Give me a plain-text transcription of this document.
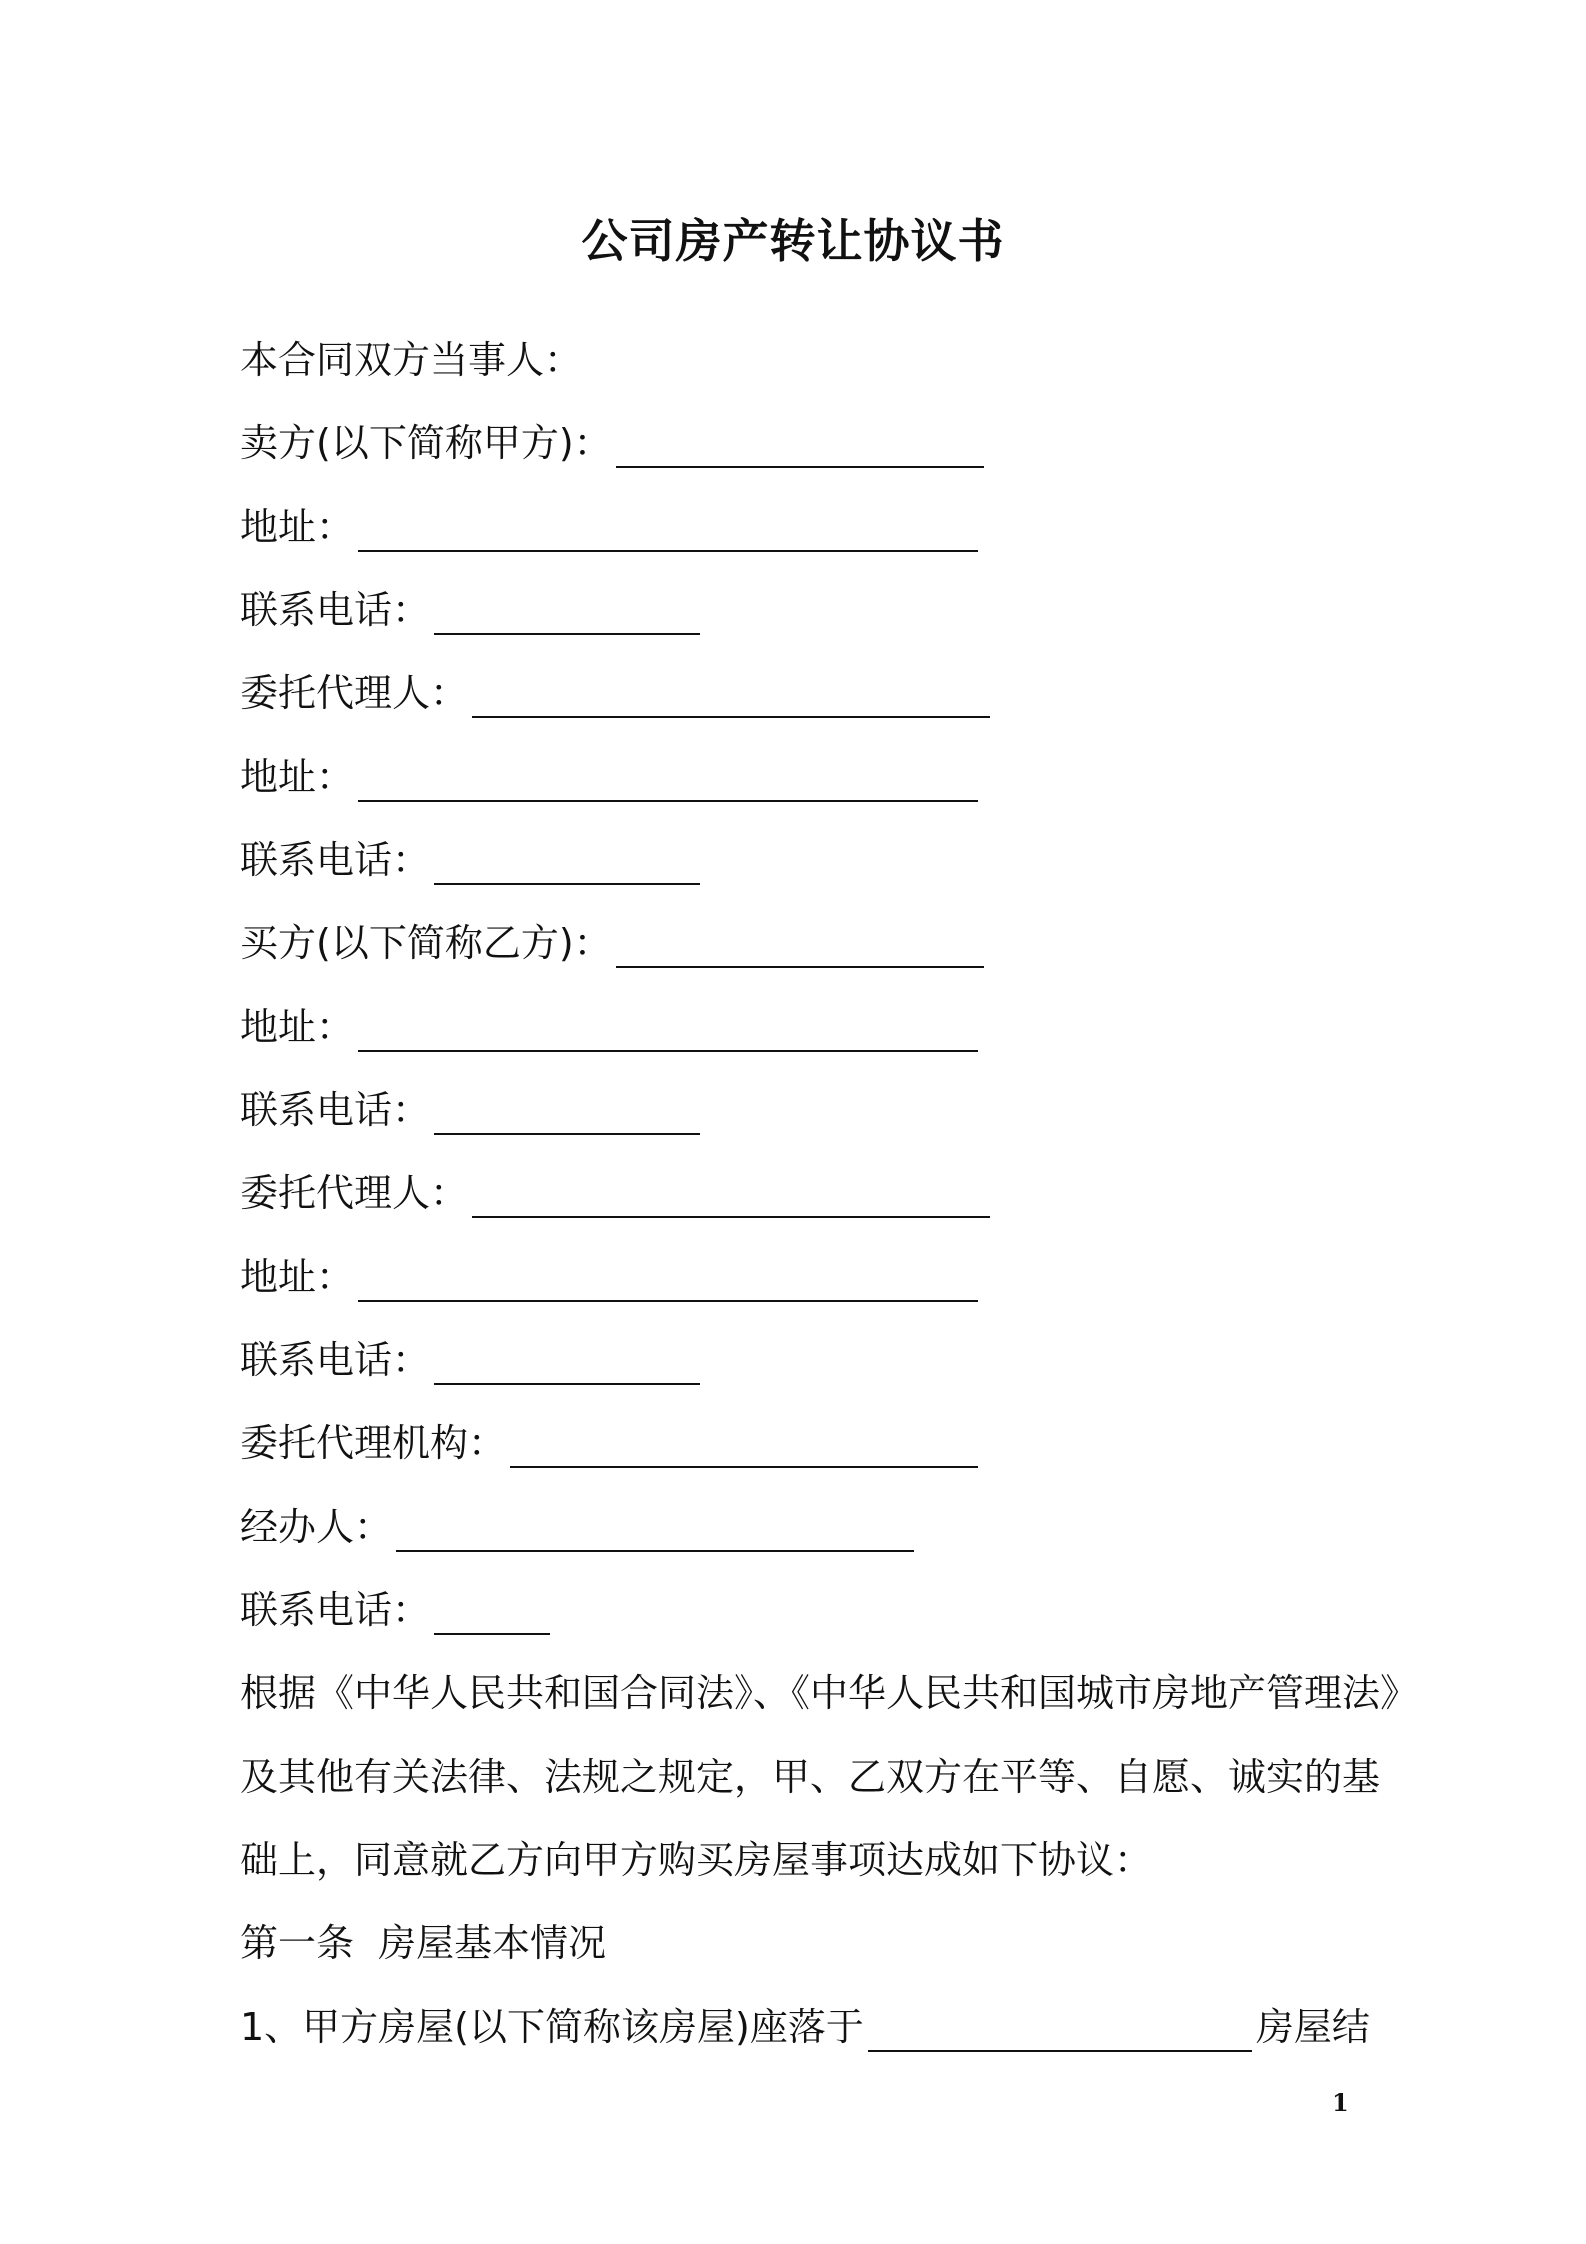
公司房产转让协议书
本合同双方当事人：
卖方(以下简称甲方)：
地址：
联系电话：
委托代理人：
地址：
联系电话：
买方(以下简称乙方)：
地址：
联系电话：
委托代理人：
地址：
联系电话：
委托代理机构：
经办人：
联系电话：
根据《中华人民共和国合同法》、《中华人民共和国城市房地产管理法》
及其他有关法律、法规之规定，甲、乙双方在平等、自愿、诚实的基
础上，同意就乙方向甲方购买房屋事项达成如下协议：
第一条  房屋基本情况
1、甲方房屋(以下简称该房屋)座落于	房屋结
1
